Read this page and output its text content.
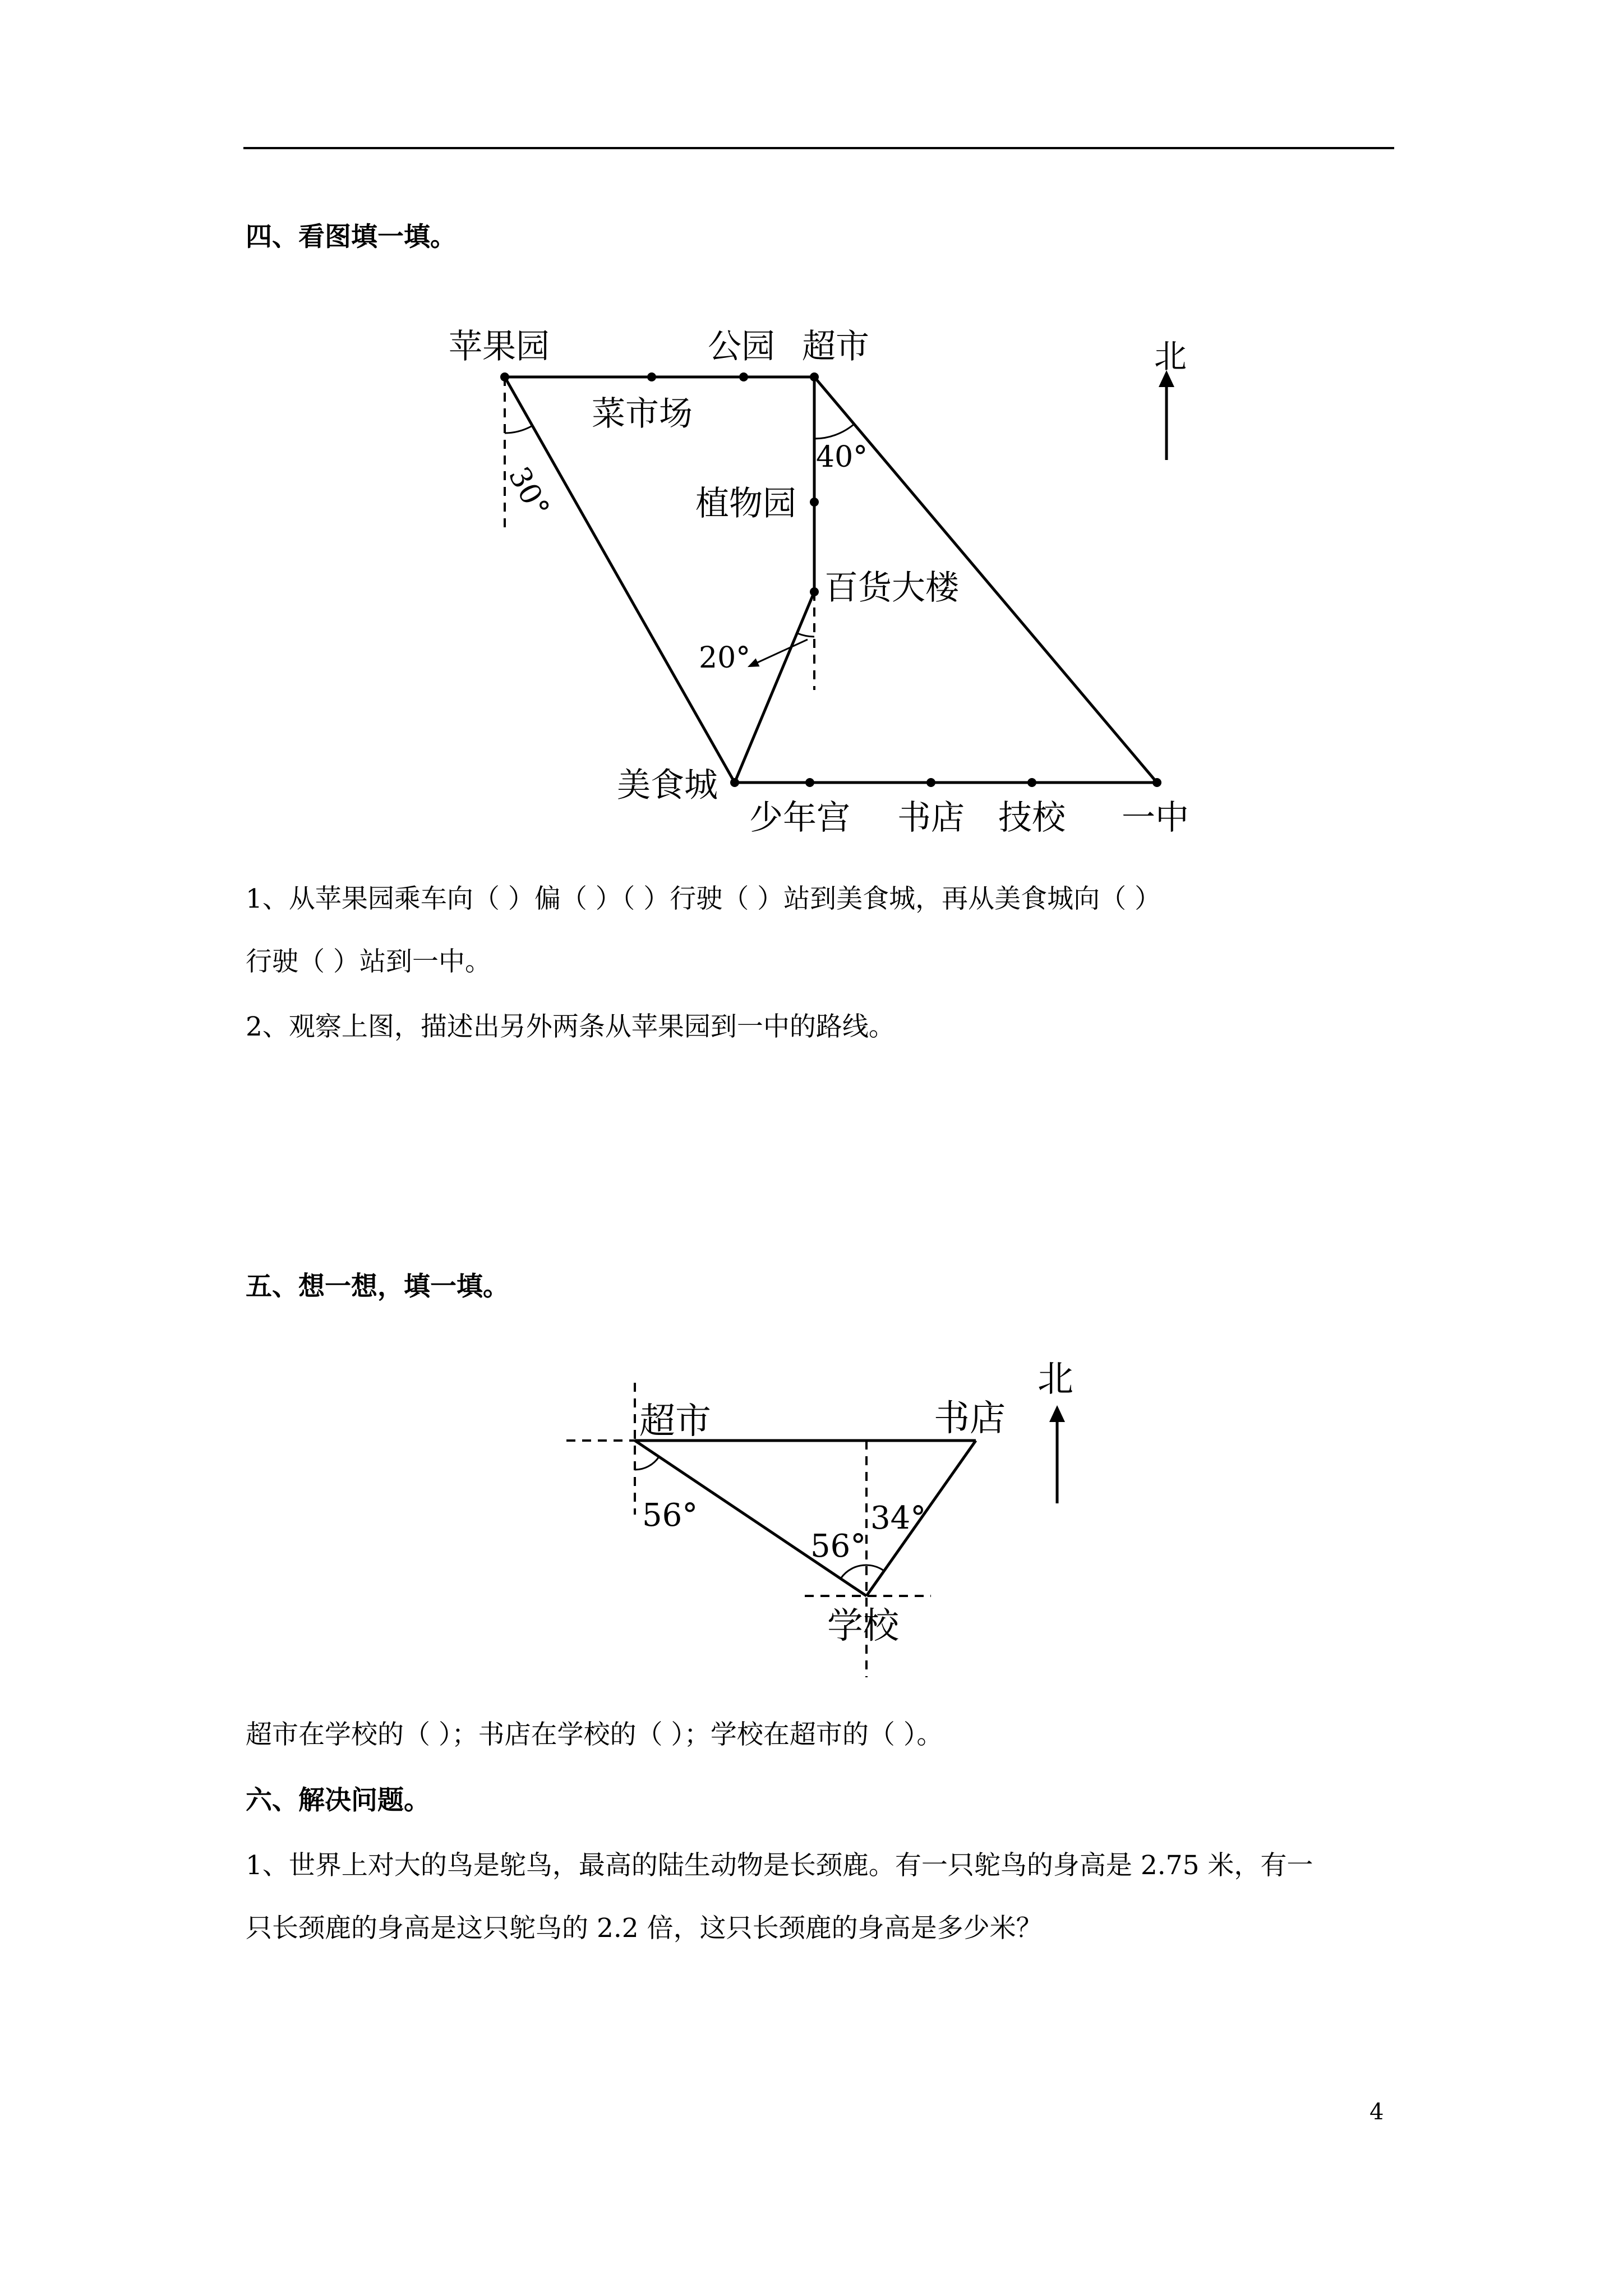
四、看图填一填。

北
苹果园	公园 超市
菜市场
植物园
百货大楼
美食城
少年宫 书店 技校 一中
30°
40°
20°

1、从苹果园乘车向（ ）偏（ ）（ ）行驶（ ）站到美食城，再从美食城向（ ）

行驶（ ）站到一中。

2、观察上图，描述出另外两条从苹果园到一中的路线。

五、想一想，填一填。

北
超市	书店
学校
56°
56°
34°

超市在学校的（ ）；书店在学校的（ ）；学校在超市的（ ）。

六、解决问题。

1、世界上对大的鸟是鸵鸟，最高的陆生动物是长颈鹿。有一只鸵鸟的身高是 2.75 米，有一

只长颈鹿的身高是这只鸵鸟的 2.2 倍，这只长颈鹿的身高是多少米？

4
